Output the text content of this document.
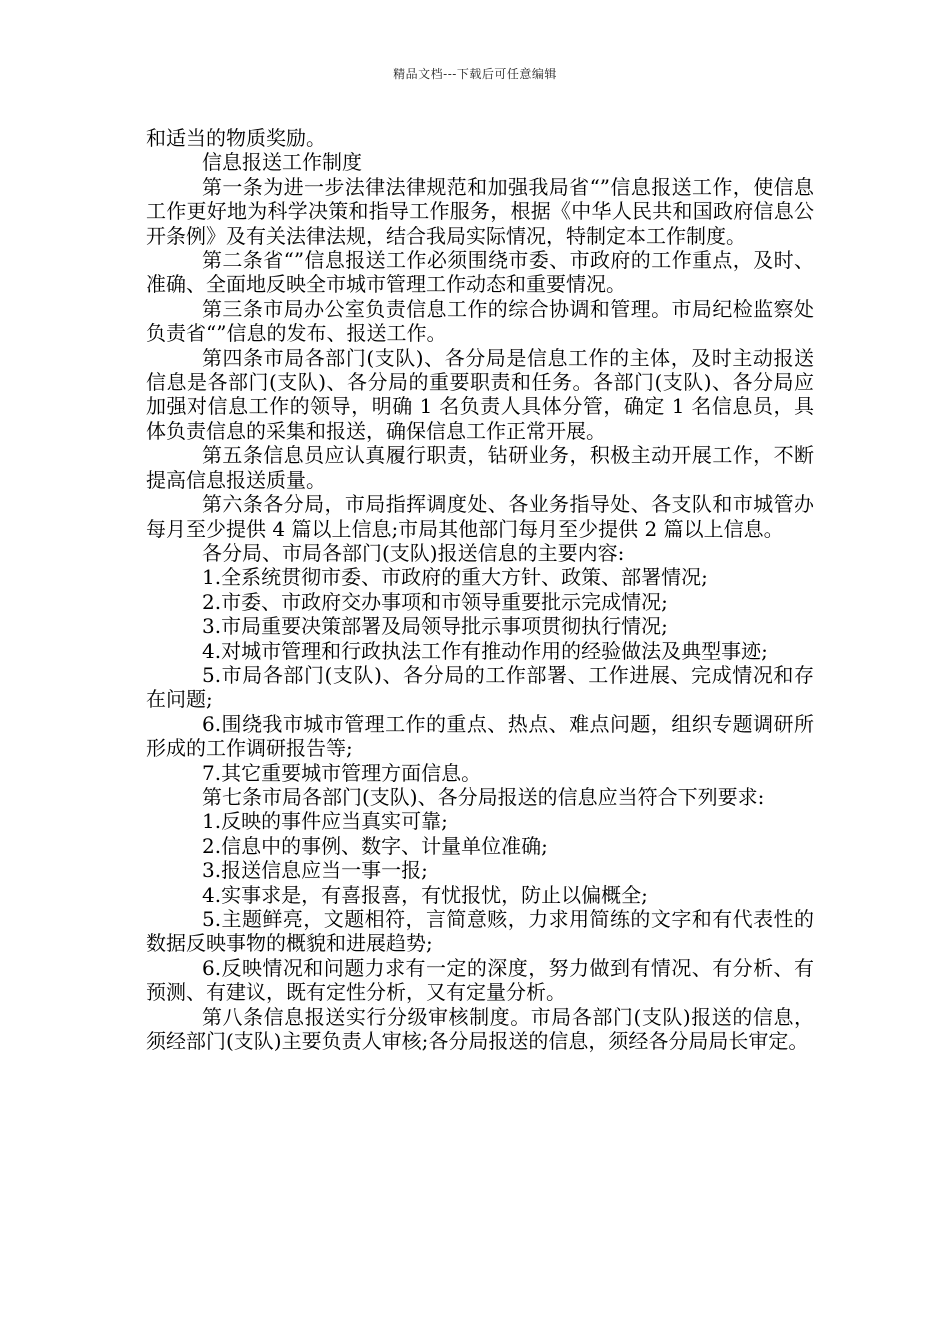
精品文档---下载后可任意编辑

和适当的物质奖励。

信息报送工作制度

第一条为进一步法律法律规范和加强我局省“”信息报送工作，使信息工作更好地为科学决策和指导工作服务，根据《中华人民共和国政府信息公开条例》及有关法律法规，结合我局实际情况，特制定本工作制度。

第二条省“”信息报送工作必须围绕市委、市政府的工作重点，及时、准确、全面地反映全市城市管理工作动态和重要情况。

第三条市局办公室负责信息工作的综合协调和管理。市局纪检监察处负责省“”信息的发布、报送工作。

第四条市局各部门(支队)、各分局是信息工作的主体，及时主动报送信息是各部门(支队)、各分局的重要职责和任务。各部门(支队)、各分局应加强对信息工作的领导，明确 1 名负责人具体分管，确定 1 名信息员，具体负责信息的采集和报送，确保信息工作正常开展。

第五条信息员应认真履行职责，钻研业务，积极主动开展工作，不断提高信息报送质量。

第六条各分局，市局指挥调度处、各业务指导处、各支队和市城管办每月至少提供 4 篇以上信息;市局其他部门每月至少提供 2 篇以上信息。

各分局、市局各部门(支队)报送信息的主要内容:

1.全系统贯彻市委、市政府的重大方针、政策、部署情况;

2.市委、市政府交办事项和市领导重要批示完成情况;

3.市局重要决策部署及局领导批示事项贯彻执行情况;

4.对城市管理和行政执法工作有推动作用的经验做法及典型事迹;

5.市局各部门(支队)、各分局的工作部署、工作进展、完成情况和存在问题;

6.围绕我市城市管理工作的重点、热点、难点问题，组织专题调研所形成的工作调研报告等;

7.其它重要城市管理方面信息。

第七条市局各部门(支队)、各分局报送的信息应当符合下列要求:

1.反映的事件应当真实可靠;

2.信息中的事例、数字、计量单位准确;

3.报送信息应当一事一报;

4.实事求是，有喜报喜，有忧报忧，防止以偏概全;

5.主题鲜亮，文题相符，言简意赅，力求用简练的文字和有代表性的数据反映事物的概貌和进展趋势;

6.反映情况和问题力求有一定的深度，努力做到有情况、有分析、有预测、有建议，既有定性分析，又有定量分析。

第八条信息报送实行分级审核制度。市局各部门(支队)报送的信息，须经部门(支队)主要负责人审核;各分局报送的信息，须经各分局局长审定。
